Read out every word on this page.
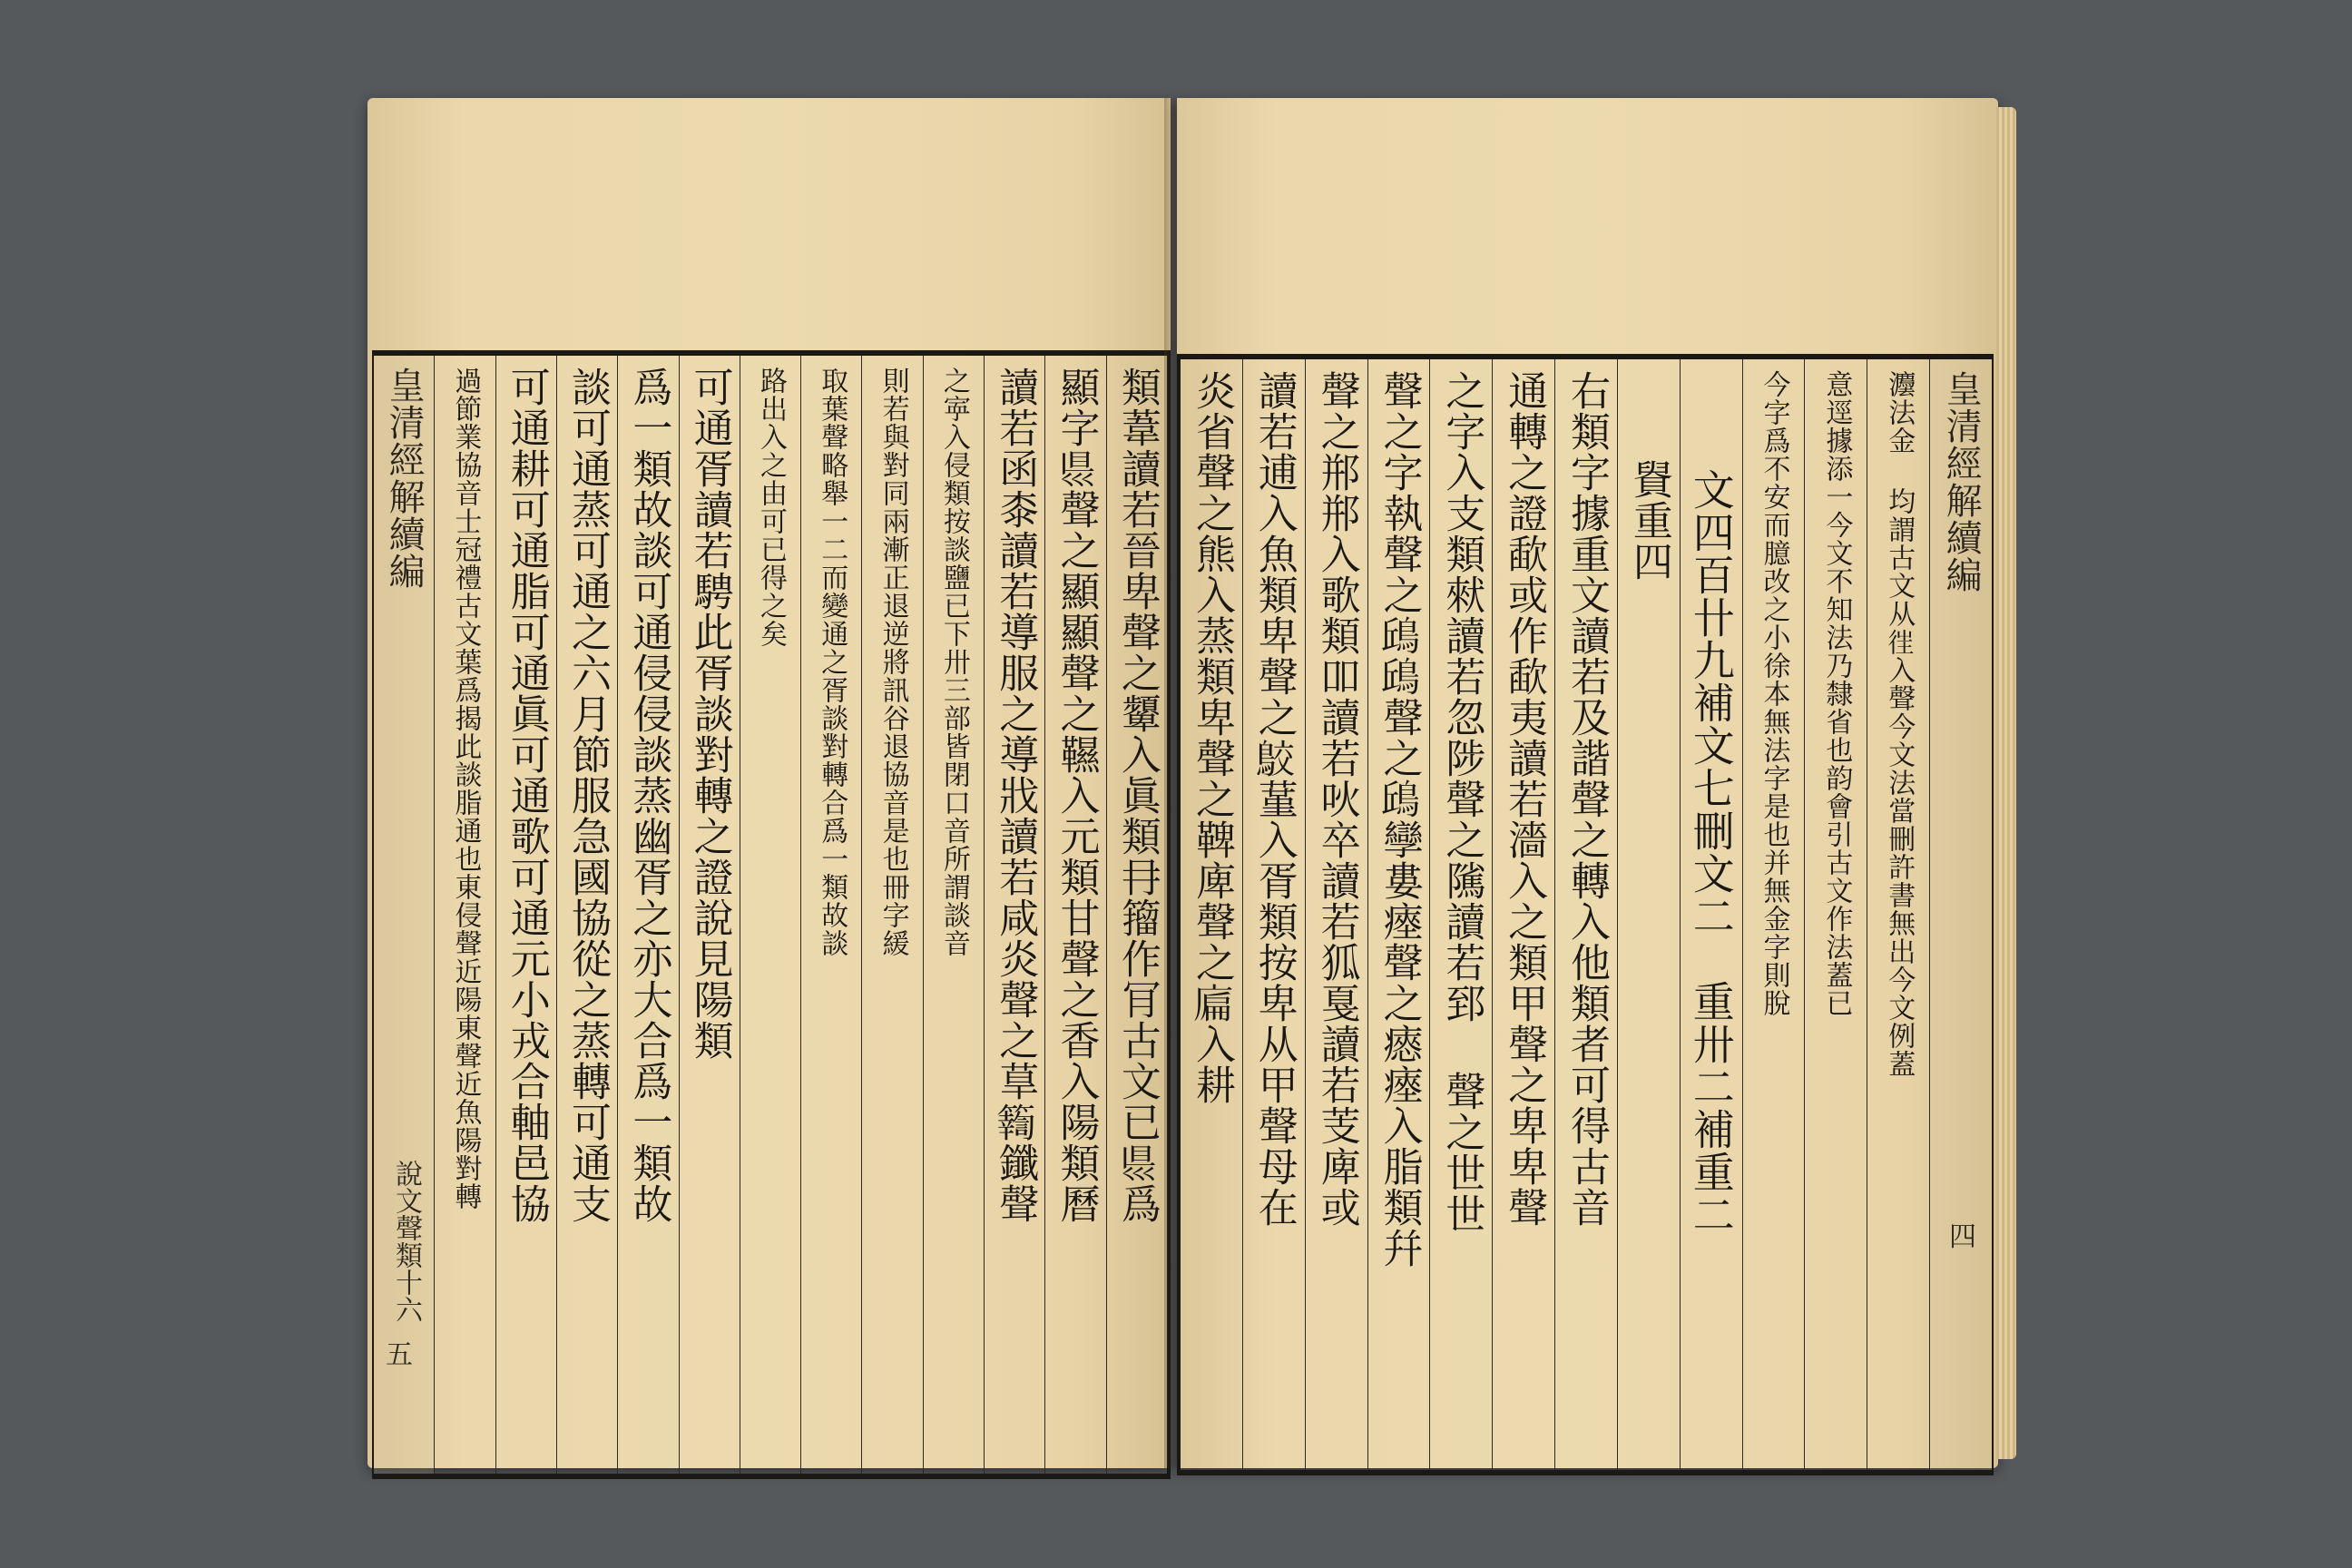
類葦讀若晉卑聲之顰入眞類冄籀作肎古文已𥄉爲
顯字𥄉聲之顯顯聲之韅入元類甘聲之香入陽類曆
讀若函桼讀若導服之導戕讀若咸炎聲之䓍𥷚鑯聲
之𡨴入侵類按談鹽已下卅三部皆閉口音所謂談音
則若與對同兩漸正退逆將訊谷退協音是也冊字緩
取葉聲略舉一二而變通之胥談對轉合爲一類故談
路出入之由可已得之矣
可通胥讀若騁此胥談對轉之證說見陽類
爲一類故談可通侵侵談蒸幽胥之亦大合爲一類故
談可通蒸可通之六月節服急國協從之蒸轉可通支
可通耕可通脂可通眞可通歌可通元小戎合軸邑協
過節業協音士冠禮古文葉爲揭此談脂通也東侵聲近陽東聲近魚陽對轉
皇清經解續編
說文聲類十六
五
皇清經解續編
灋法金 均謂古文从𢓸入聲今文法當刪許書無出今文例蓋
意逕據添一今文不知法乃隸省也韵會引古文作法蓋已
今字爲不安而臆改之小徐本無法字是也并無金字則脫
文四百卄九補文七刪文二　重卅二補重二
䝿重四
右類字據重文讀若及諧聲之轉入他類者可得古音
通轉之證歃或作歃夷讀若濇入之類甲聲之卑卑聲
之字入支類猌讀若忽陟聲之隲讀若郅 聲之世世
聲之字執聲之𩿨𩿨聲之𩿨孿婁瘞聲之瘱瘞入脂類幷
聲之郱郱入歌類吅讀若吙卒讀若狐戛讀若芰庳或
讀若逋入魚類卑聲之𪁉蓳入胥類按卑从甲聲母在
炎省聲之熊入蒸類卑聲之鞞庳聲之𢉞入耕
四
